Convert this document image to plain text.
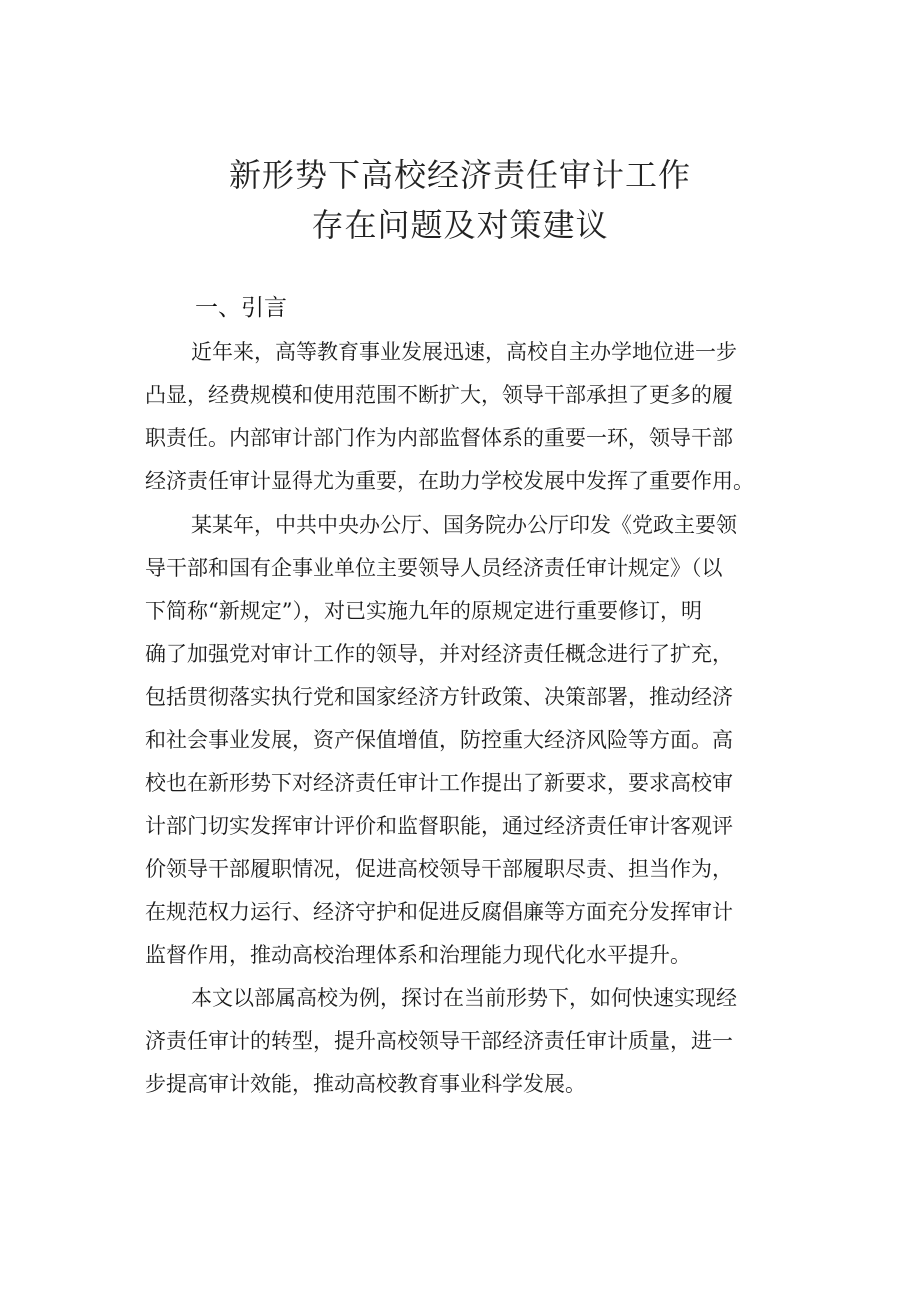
新形势下高校经济责任审计工作
存在问题及对策建议
一、引言
近年来，高等教育事业发展迅速，高校自主办学地位进一步
凸显，经费规模和使用范围不断扩大，领导干部承担了更多的履
职责任。内部审计部门作为内部监督体系的重要一环，领导干部
经济责任审计显得尤为重要，在助力学校发展中发挥了重要作用。
某某年，中共中央办公厅、国务院办公厅印发《党政主要领
导干部和国有企事业单位主要领导人员经济责任审计规定》（以
下简称“新规定”），对已实施九年的原规定进行重要修订，明
确了加强党对审计工作的领导，并对经济责任概念进行了扩充，
包括贯彻落实执行党和国家经济方针政策、决策部署，推动经济
和社会事业发展，资产保值增值，防控重大经济风险等方面。高
校也在新形势下对经济责任审计工作提出了新要求，要求高校审
计部门切实发挥审计评价和监督职能，通过经济责任审计客观评
价领导干部履职情况，促进高校领导干部履职尽责、担当作为，
在规范权力运行、经济守护和促进反腐倡廉等方面充分发挥审计
监督作用，推动高校治理体系和治理能力现代化水平提升。
本文以部属高校为例，探讨在当前形势下，如何快速实现经
济责任审计的转型，提升高校领导干部经济责任审计质量，进一
步提高审计效能，推动高校教育事业科学发展。
